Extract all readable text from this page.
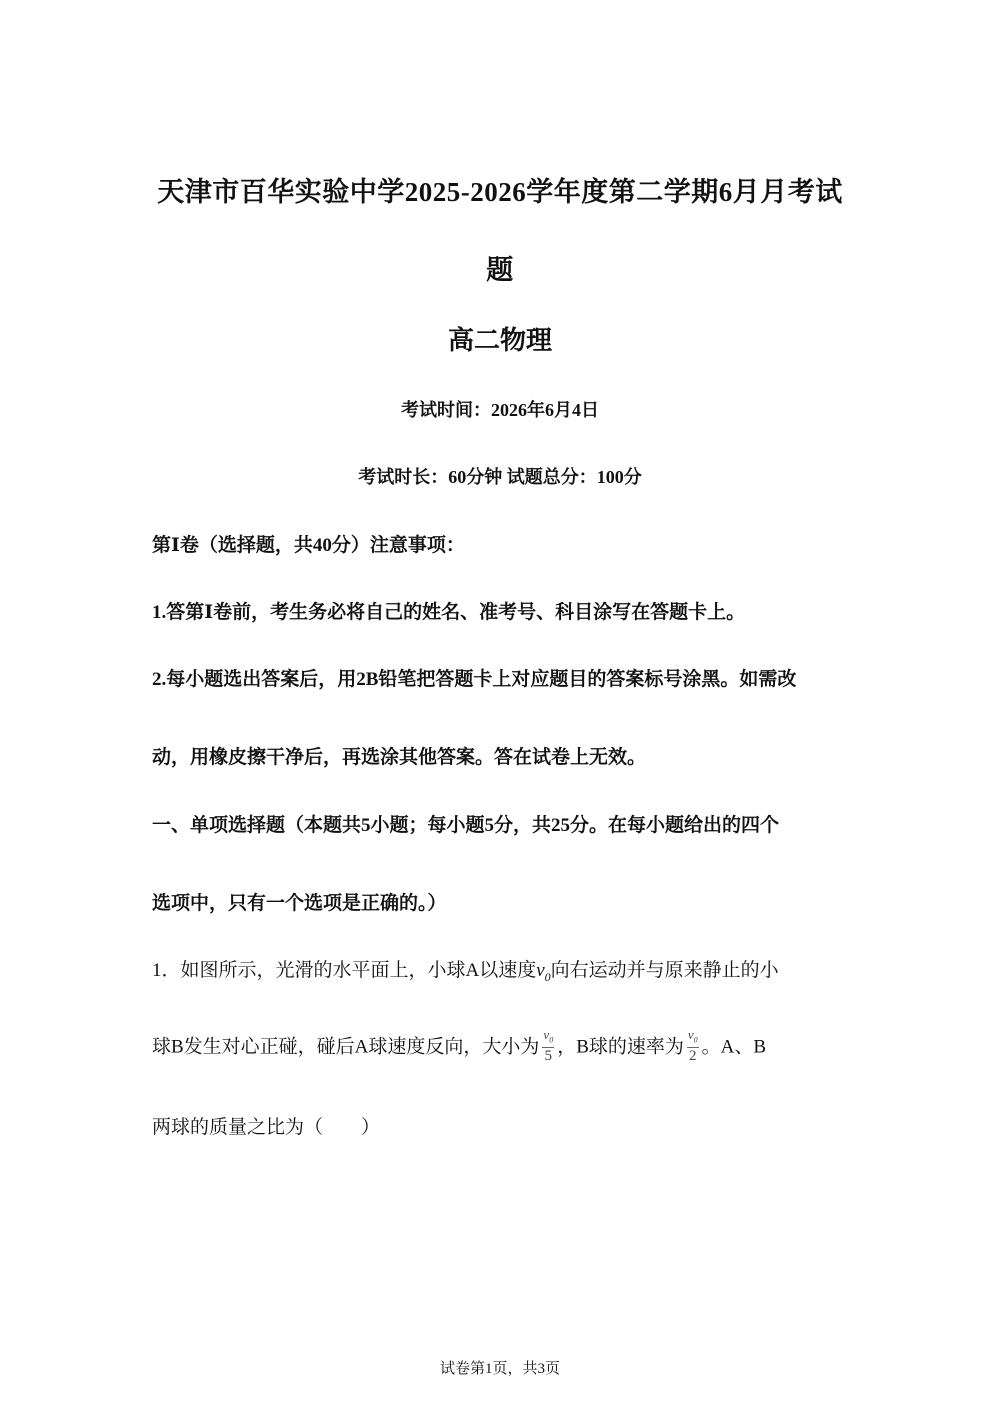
天津市百华实验中学2025-2026学年度第二学期6月月考试
题
高二物理
考试时间：2026年6月4日
考试时长：60分钟 试题总分：100分
第Ⅰ卷（选择题，共40分）注意事项：
1.答第Ⅰ卷前，考生务必将自己的姓名、准考号、科目涂写在答题卡上。
2.每小题选出答案后，用2B铅笔把答题卡上对应题目的答案标号涂黑。如需改
动，用橡皮擦干净后，再选涂其他答案。答在试卷上无效。
一、单项选择题（本题共5小题；每小题5分，共25分。在每小题给出的四个
选项中，只有一个选项是正确的。）
1．如图所示，光滑的水平面上，小球A以速度$v_0$向右运动并与原来静止的小
球B发生对心正碰，碰后A球速度反向，大小为 $\frac{v_0}{5}$ ，B球的速率为 $\frac{v_0}{2}$ 。A、B
两球的质量之比为（　　）
试卷第1页，共3页
